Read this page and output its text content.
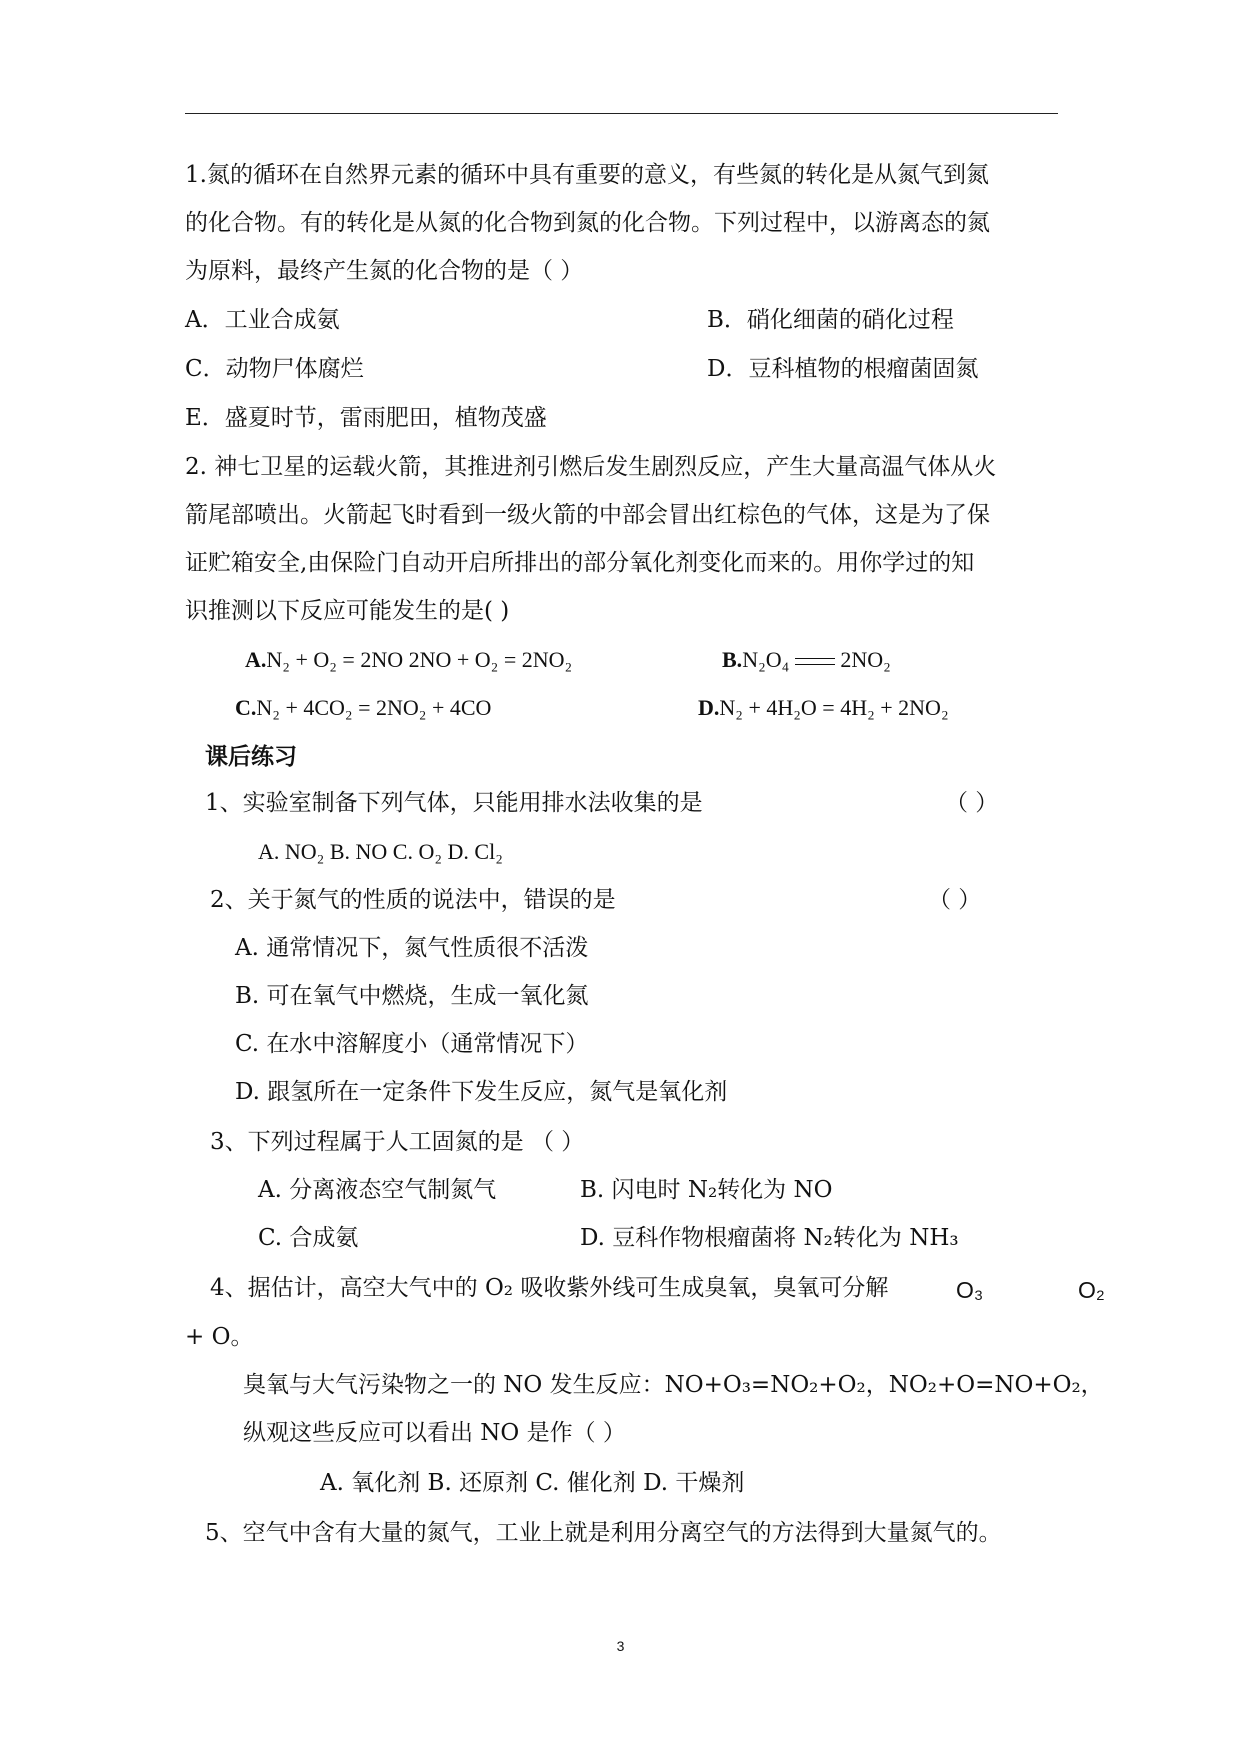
1.氮的循环在自然界元素的循环中具有重要的意义，有些氮的转化是从氮气到氮
的化合物。有的转化是从氮的化合物到氮的化合物。下列过程中，以游离态的氮
为原料，最终产生氮的化合物的是（ ）
A．工业合成氨	B．硝化细菌的硝化过程
C．动物尸体腐烂	D．豆科植物的根瘤菌固氮
E．盛夏时节，雷雨肥田，植物茂盛
2. 神七卫星的运载火箭，其推进剂引燃后发生剧烈反应，产生大量高温气体从火
箭尾部喷出。火箭起飞时看到一级火箭的中部会冒出红棕色的气体，这是为了保
证贮箱安全,由保险门自动开启所排出的部分氧化剂变化而来的。用你学过的知
识推测以下反应可能发生的是( )
A.N₂ + O₂ = 2NO 2NO + O₂ = 2NO₂	B.N₂O₄ 2NO₂
C.N₂ + 4CO₂ = 2NO₂ + 4CO	D.N₂ + 4H₂O = 4H₂ + 2NO₂
课后练习
1、实验室制备下列气体，只能用排水法收集的是	（ ）
A. NO₂ B. NO C. O₂ D. Cl₂
2、关于氮气的性质的说法中，错误的是	（ ）
A. 通常情况下，氮气性质很不活泼
B. 可在氧气中燃烧，生成一氧化氮
C. 在水中溶解度小（通常情况下）
D. 跟氢所在一定条件下发生反应，氮气是氧化剂
3、下列过程属于人工固氮的是 （ ）
A. 分离液态空气制氮气	B. 闪电时 N₂转化为 NO
C. 合成氨	D. 豆科作物根瘤菌将 N₂转化为 NH₃
4、据估计，高空大气中的 O₂ 吸收紫外线可生成臭氧，臭氧可分解	O₃	O₂
+ O。
臭氧与大气污染物之一的 NO 发生反应：NO+O₃=NO₂+O₂，NO₂+O=NO+O₂，
纵观这些反应可以看出 NO 是作（ ）
A. 氧化剂 B. 还原剂 C. 催化剂 D. 干燥剂
5、空气中含有大量的氮气，工业上就是利用分离空气的方法得到大量氮气的。
3
